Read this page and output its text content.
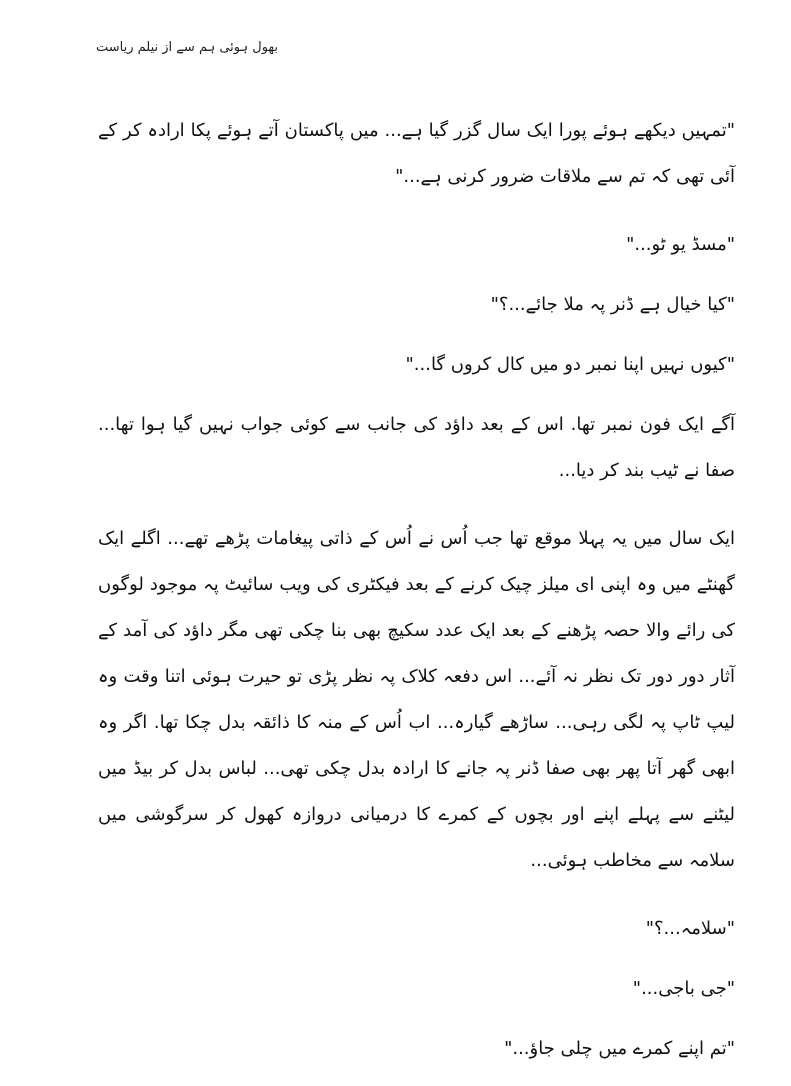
بھول ہوئی ہم سے از نیلم ریاست

"تمہیں دیکھے ہوئے پورا ایک سال گزر گیا ہے... میں پاکستان آتے ہوئے پکا ارادہ کر کے آئی تھی کہ تم سے ملاقات ضرور کرنی ہے..."

"مسڈ یو ٹو..."

"کیا خیال ہے ڈنر پہ ملا جائے...؟"

"کیوں نہیں اپنا نمبر دو میں کال کروں گا..."

آگے ایک فون نمبر تھا. اس کے بعد داؤد کی جانب سے کوئی جواب نہیں گیا ہوا تھا... صفا نے ٹیب بند کر دیا...

ایک سال میں یہ پہلا موقع تھا جب اُس نے اُس کے ذاتی پیغامات پڑھے تھے... اگلے ایک گھنٹے میں وہ اپنی ای میلز چیک کرنے کے بعد فیکٹری کی ویب سائیٹ پہ موجود لوگوں کی رائے والا حصہ پڑھنے کے بعد ایک عدد سکیچ بھی بنا چکی تھی مگر داؤد کی آمد کے آثار دور دور تک نظر نہ آئے... اس دفعہ کلاک پہ نظر پڑی تو حیرت ہوئی اتنا وقت وہ لیپ ٹاپ پہ لگی رہی... ساڑھے گیارہ... اب اُس کے منہ کا ذائقہ بدل چکا تھا. اگر وہ ابھی گھر آتا پھر بھی صفا ڈنر پہ جانے کا ارادہ بدل چکی تھی... لباس بدل کر بیڈ میں لیٹنے سے پہلے اپنے اور بچوں کے کمرے کا درمیانی دروازہ کھول کر سرگوشی میں سلامہ سے مخاطب ہوئی...

"سلامہ...؟"

"جی باجی..."

"تم اپنے کمرے میں چلی جاؤ..."
